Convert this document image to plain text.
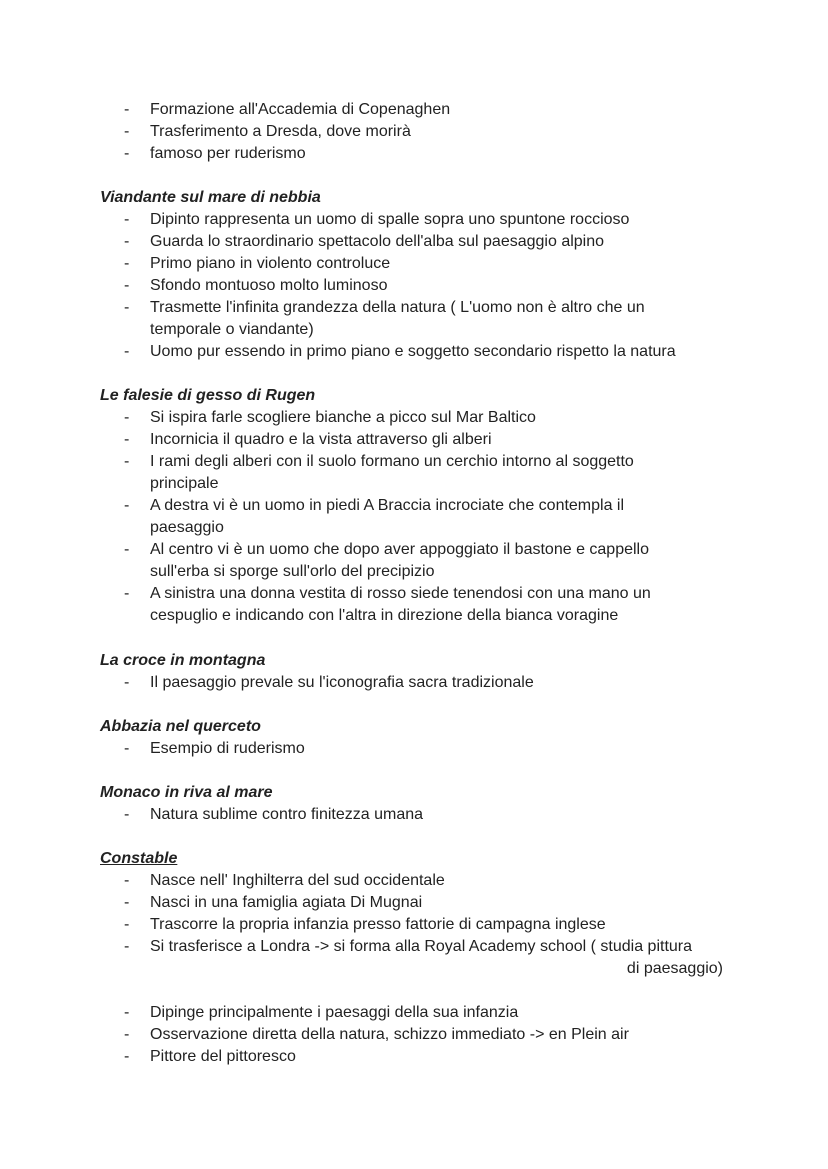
- Formazione all'Accademia di Copenaghen
- Trasferimento a Dresda, dove morirà
- famoso per ruderismo
Viandante sul mare di nebbia
- Dipinto rappresenta un uomo di spalle sopra uno spuntone roccioso
- Guarda lo straordinario spettacolo dell'alba sul paesaggio alpino
- Primo piano in violento controluce
- Sfondo montuoso molto luminoso
- Trasmette l'infinita grandezza della natura ( L'uomo non è altro che un
temporale o viandante)
- Uomo pur essendo in primo piano e soggetto secondario rispetto la natura
Le falesie di gesso di Rugen
- Si ispira farle scogliere bianche a picco sul Mar Baltico
- Incornicia il quadro e la vista attraverso gli alberi
- I rami degli alberi con il suolo formano un cerchio intorno al soggetto
principale
- A destra vi è un uomo in piedi A Braccia incrociate che contempla il
paesaggio
- Al centro vi è un uomo che dopo aver appoggiato il bastone e cappello
sull'erba si sporge sull'orlo del precipizio
- A sinistra una donna vestita di rosso siede tenendosi con una mano un
cespuglio e indicando con l'altra in direzione della bianca voragine
La croce in montagna
- Il paesaggio prevale su l'iconografia sacra tradizionale
Abbazia nel querceto
- Esempio di ruderismo
Monaco in riva al mare
- Natura sublime contro finitezza umana
Constable
- Nasce nell' Inghilterra del sud occidentale
- Nasci in una famiglia agiata Di Mugnai
- Trascorre la propria infanzia presso fattorie di campagna inglese
- Si trasferisce a Londra -> si forma alla Royal Academy school ( studia pittura
di paesaggio)
- Dipinge principalmente i paesaggi della sua infanzia
- Osservazione diretta della natura, schizzo immediato -> en Plein air
- Pittore del pittoresco
